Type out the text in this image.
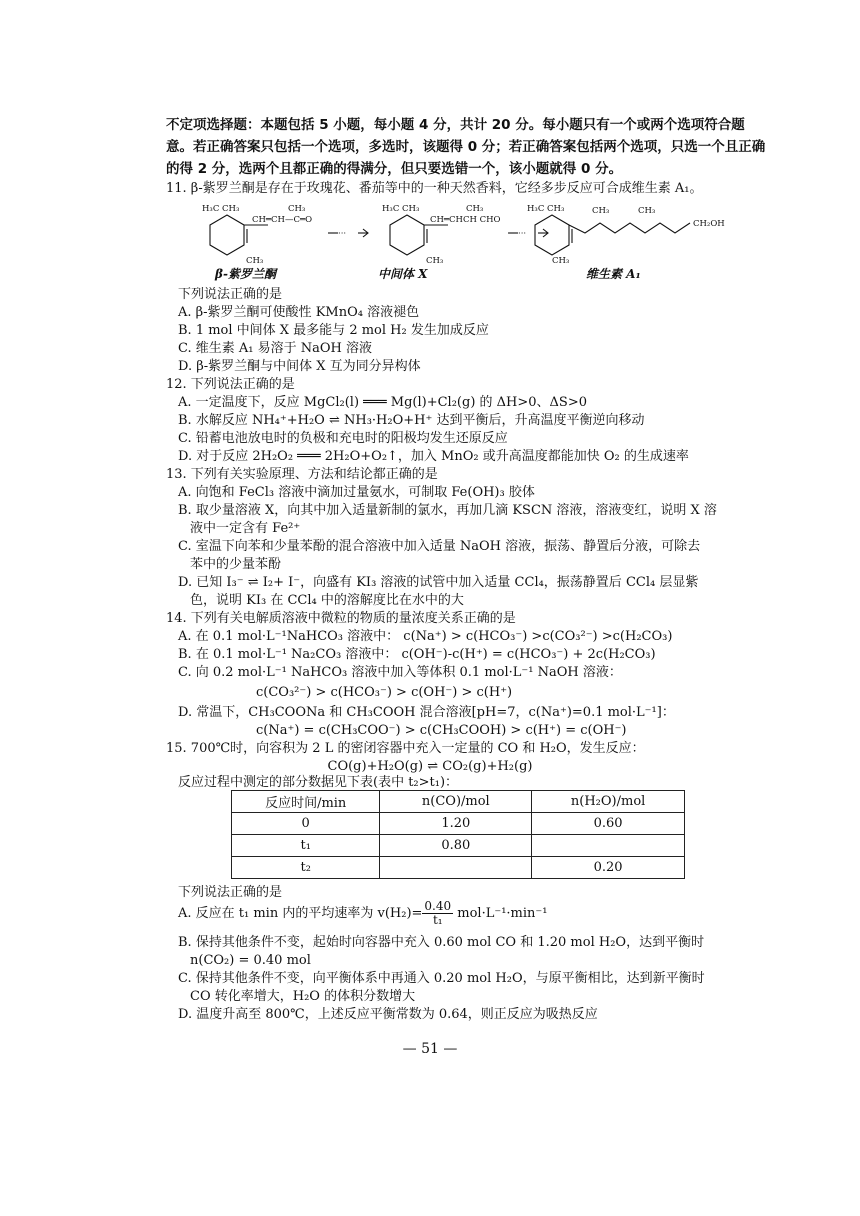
不定项选择题：本题包括 5 小题，每小题 4 分，共计 20 分。每小题只有一个或两个选项符合题意。若正确答案只包括一个选项，多选时，该题得 0 分；若正确答案包括两个选项，只选一个且正确的得 2 分，选两个且都正确的得满分，但只要选错一个，该小题就得 0 分。
11. β-紫罗兰酮是存在于玫瑰花、番茄等中的一种天然香料，它经多步反应可合成维生素 A₁。
H₃C CH₃
CH₃
CH═CH—C═O
CH₃
···
H₃C CH₃
CH₃
CH═CHCH CHO
CH₃
···
H₃C CH₃
CH₃
CH₃	CH₃
CH₂OH
β-紫罗兰酮	中间体 X	维生素 A₁
下列说法正确的是
A. β-紫罗兰酮可使酸性 KMnO₄ 溶液褪色
B. 1 mol 中间体 X 最多能与 2 mol H₂ 发生加成反应
C. 维生素 A₁ 易溶于 NaOH 溶液
D. β-紫罗兰酮与中间体 X 互为同分异构体
12. 下列说法正确的是
A. 一定温度下，反应 MgCl₂(l) ═══ Mg(l)+Cl₂(g) 的 ΔH>0、ΔS>0
B. 水解反应 NH₄⁺+H₂O ⇌ NH₃·H₂O+H⁺ 达到平衡后，升高温度平衡逆向移动
C. 铅蓄电池放电时的负极和充电时的阳极均发生还原反应
D. 对于反应 2H₂O₂ ═══ 2H₂O+O₂↑，加入 MnO₂ 或升高温度都能加快 O₂ 的生成速率
13. 下列有关实验原理、方法和结论都正确的是
A. 向饱和 FeCl₃ 溶液中滴加过量氨水，可制取 Fe(OH)₃ 胶体
B. 取少量溶液 X，向其中加入适量新制的氯水，再加几滴 KSCN 溶液，溶液变红，说明 X 溶
液中一定含有 Fe²⁺
C. 室温下向苯和少量苯酚的混合溶液中加入适量 NaOH 溶液，振荡、静置后分液，可除去
苯中的少量苯酚
D. 已知 I₃⁻ ⇌ I₂+ I⁻，向盛有 KI₃ 溶液的试管中加入适量 CCl₄，振荡静置后 CCl₄ 层显紫
色，说明 KI₃ 在 CCl₄ 中的溶解度比在水中的大
14. 下列有关电解质溶液中微粒的物质的量浓度关系正确的是
A. 在 0.1 mol·L⁻¹NaHCO₃ 溶液中： c(Na⁺) > c(HCO₃⁻) >c(CO₃²⁻) >c(H₂CO₃)
B. 在 0.1 mol·L⁻¹ Na₂CO₃ 溶液中： c(OH⁻)-c(H⁺) = c(HCO₃⁻) + 2c(H₂CO₃)
C. 向 0.2 mol·L⁻¹ NaHCO₃ 溶液中加入等体积 0.1 mol·L⁻¹ NaOH 溶液：
c(CO₃²⁻) > c(HCO₃⁻) > c(OH⁻) > c(H⁺)
D. 常温下，CH₃COONa 和 CH₃COOH 混合溶液[pH=7，c(Na⁺)=0.1 mol·L⁻¹]：
c(Na⁺) = c(CH₃COO⁻) > c(CH₃COOH) > c(H⁺) = c(OH⁻)
15. 700℃时，向容积为 2 L 的密闭容器中充入一定量的 CO 和 H₂O，发生反应：
CO(g)+H₂O(g) ⇌ CO₂(g)+H₂(g)
反应过程中测定的部分数据见下表(表中 t₂>t₁)：
反应时间/min	n(CO)/mol	n(H₂O)/mol
0	1.20	0.60
t₁	0.80	
t₂		0.20
下列说法正确的是
A. 反应在 t₁ min 内的平均速率为 $v(H_2)= \frac{0.40}{\text{t₁}} mol\cdot L^{-1}\cdot\min^{-1}$
B. 保持其他条件不变，起始时向容器中充入 0.60 mol CO 和 1.20 mol H₂O，达到平衡时
n(CO₂) = 0.40 mol
C. 保持其他条件不变，向平衡体系中再通入 0.20 mol H₂O，与原平衡相比，达到新平衡时
CO 转化率增大，H₂O 的体积分数增大
D. 温度升高至 800℃，上述反应平衡常数为 0.64，则正反应为吸热反应
— 51 —
